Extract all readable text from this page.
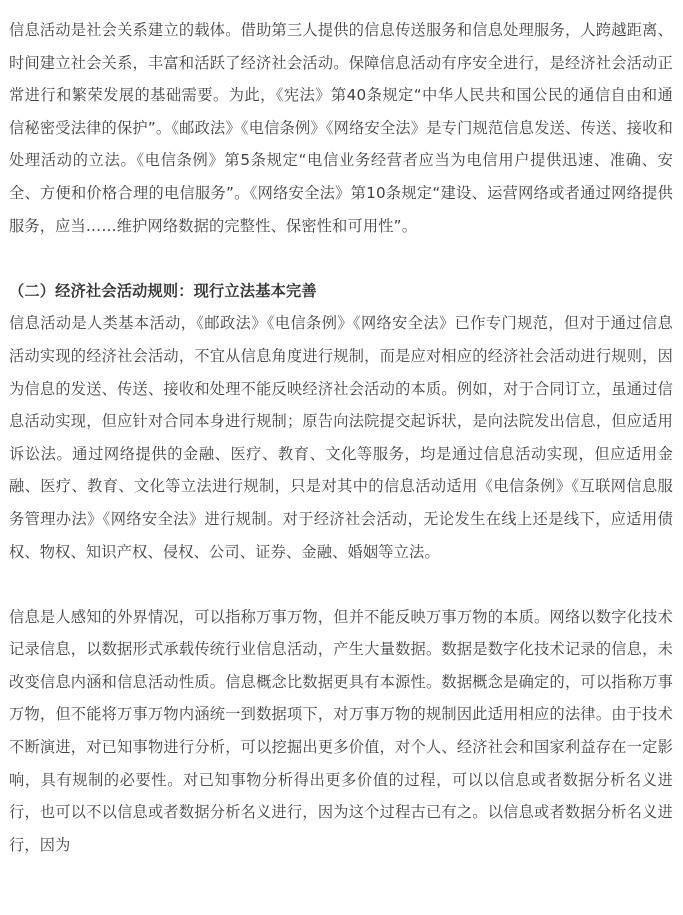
信息活动是社会关系建立的载体。借助第三人提供的信息传送服务和信息处理服务，人跨越距离、时间建立社会关系，丰富和活跃了经济社会活动。保障信息活动有序安全进行，是经济社会活动正常进行和繁荣发展的基础需要。为此，《宪法》第40条规定“中华人民共和国公民的通信自由和通信秘密受法律的保护”。《邮政法》《电信条例》《网络安全法》是专门规范信息发送、传送、接收和处理活动的立法。《电信条例》第5条规定“电信业务经营者应当为电信用户提供迅速、准确、安全、方便和价格合理的电信服务”。《网络安全法》第10条规定“建设、运营网络或者通过网络提供服务，应当……维护网络数据的完整性、保密性和可用性”。

（二）经济社会活动规则：现行立法基本完善

信息活动是人类基本活动，《邮政法》《电信条例》《网络安全法》已作专门规范，但对于通过信息活动实现的经济社会活动，不宜从信息角度进行规制，而是应对相应的经济社会活动进行规则，因为信息的发送、传送、接收和处理不能反映经济社会活动的本质。例如，对于合同订立，虽通过信息活动实现，但应针对合同本身进行规制；原告向法院提交起诉状，是向法院发出信息，但应适用诉讼法。通过网络提供的金融、医疗、教育、文化等服务，均是通过信息活动实现，但应适用金融、医疗、教育、文化等立法进行规制，只是对其中的信息活动适用《电信条例》《互联网信息服务管理办法》《网络安全法》进行规制。对于经济社会活动，无论发生在线上还是线下，应适用债权、物权、知识产权、侵权、公司、证券、金融、婚姻等立法。

信息是人感知的外界情况，可以指称万事万物，但并不能反映万事万物的本质。网络以数字化技术记录信息，以数据形式承载传统行业信息活动，产生大量数据。数据是数字化技术记录的信息，未改变信息内涵和信息活动性质。信息概念比数据更具有本源性。数据概念是确定的，可以指称万事万物，但不能将万事万物内涵统一到数据项下，对万事万物的规制因此适用相应的法律。由于技术不断演进，对已知事物进行分析，可以挖掘出更多价值，对个人、经济社会和国家利益存在一定影响，具有规制的必要性。对已知事物分析得出更多价值的过程，可以以信息或者数据分析名义进行，也可以不以信息或者数据分析名义进行，因为这个过程古已有之。以信息或者数据分析名义进行，因为
